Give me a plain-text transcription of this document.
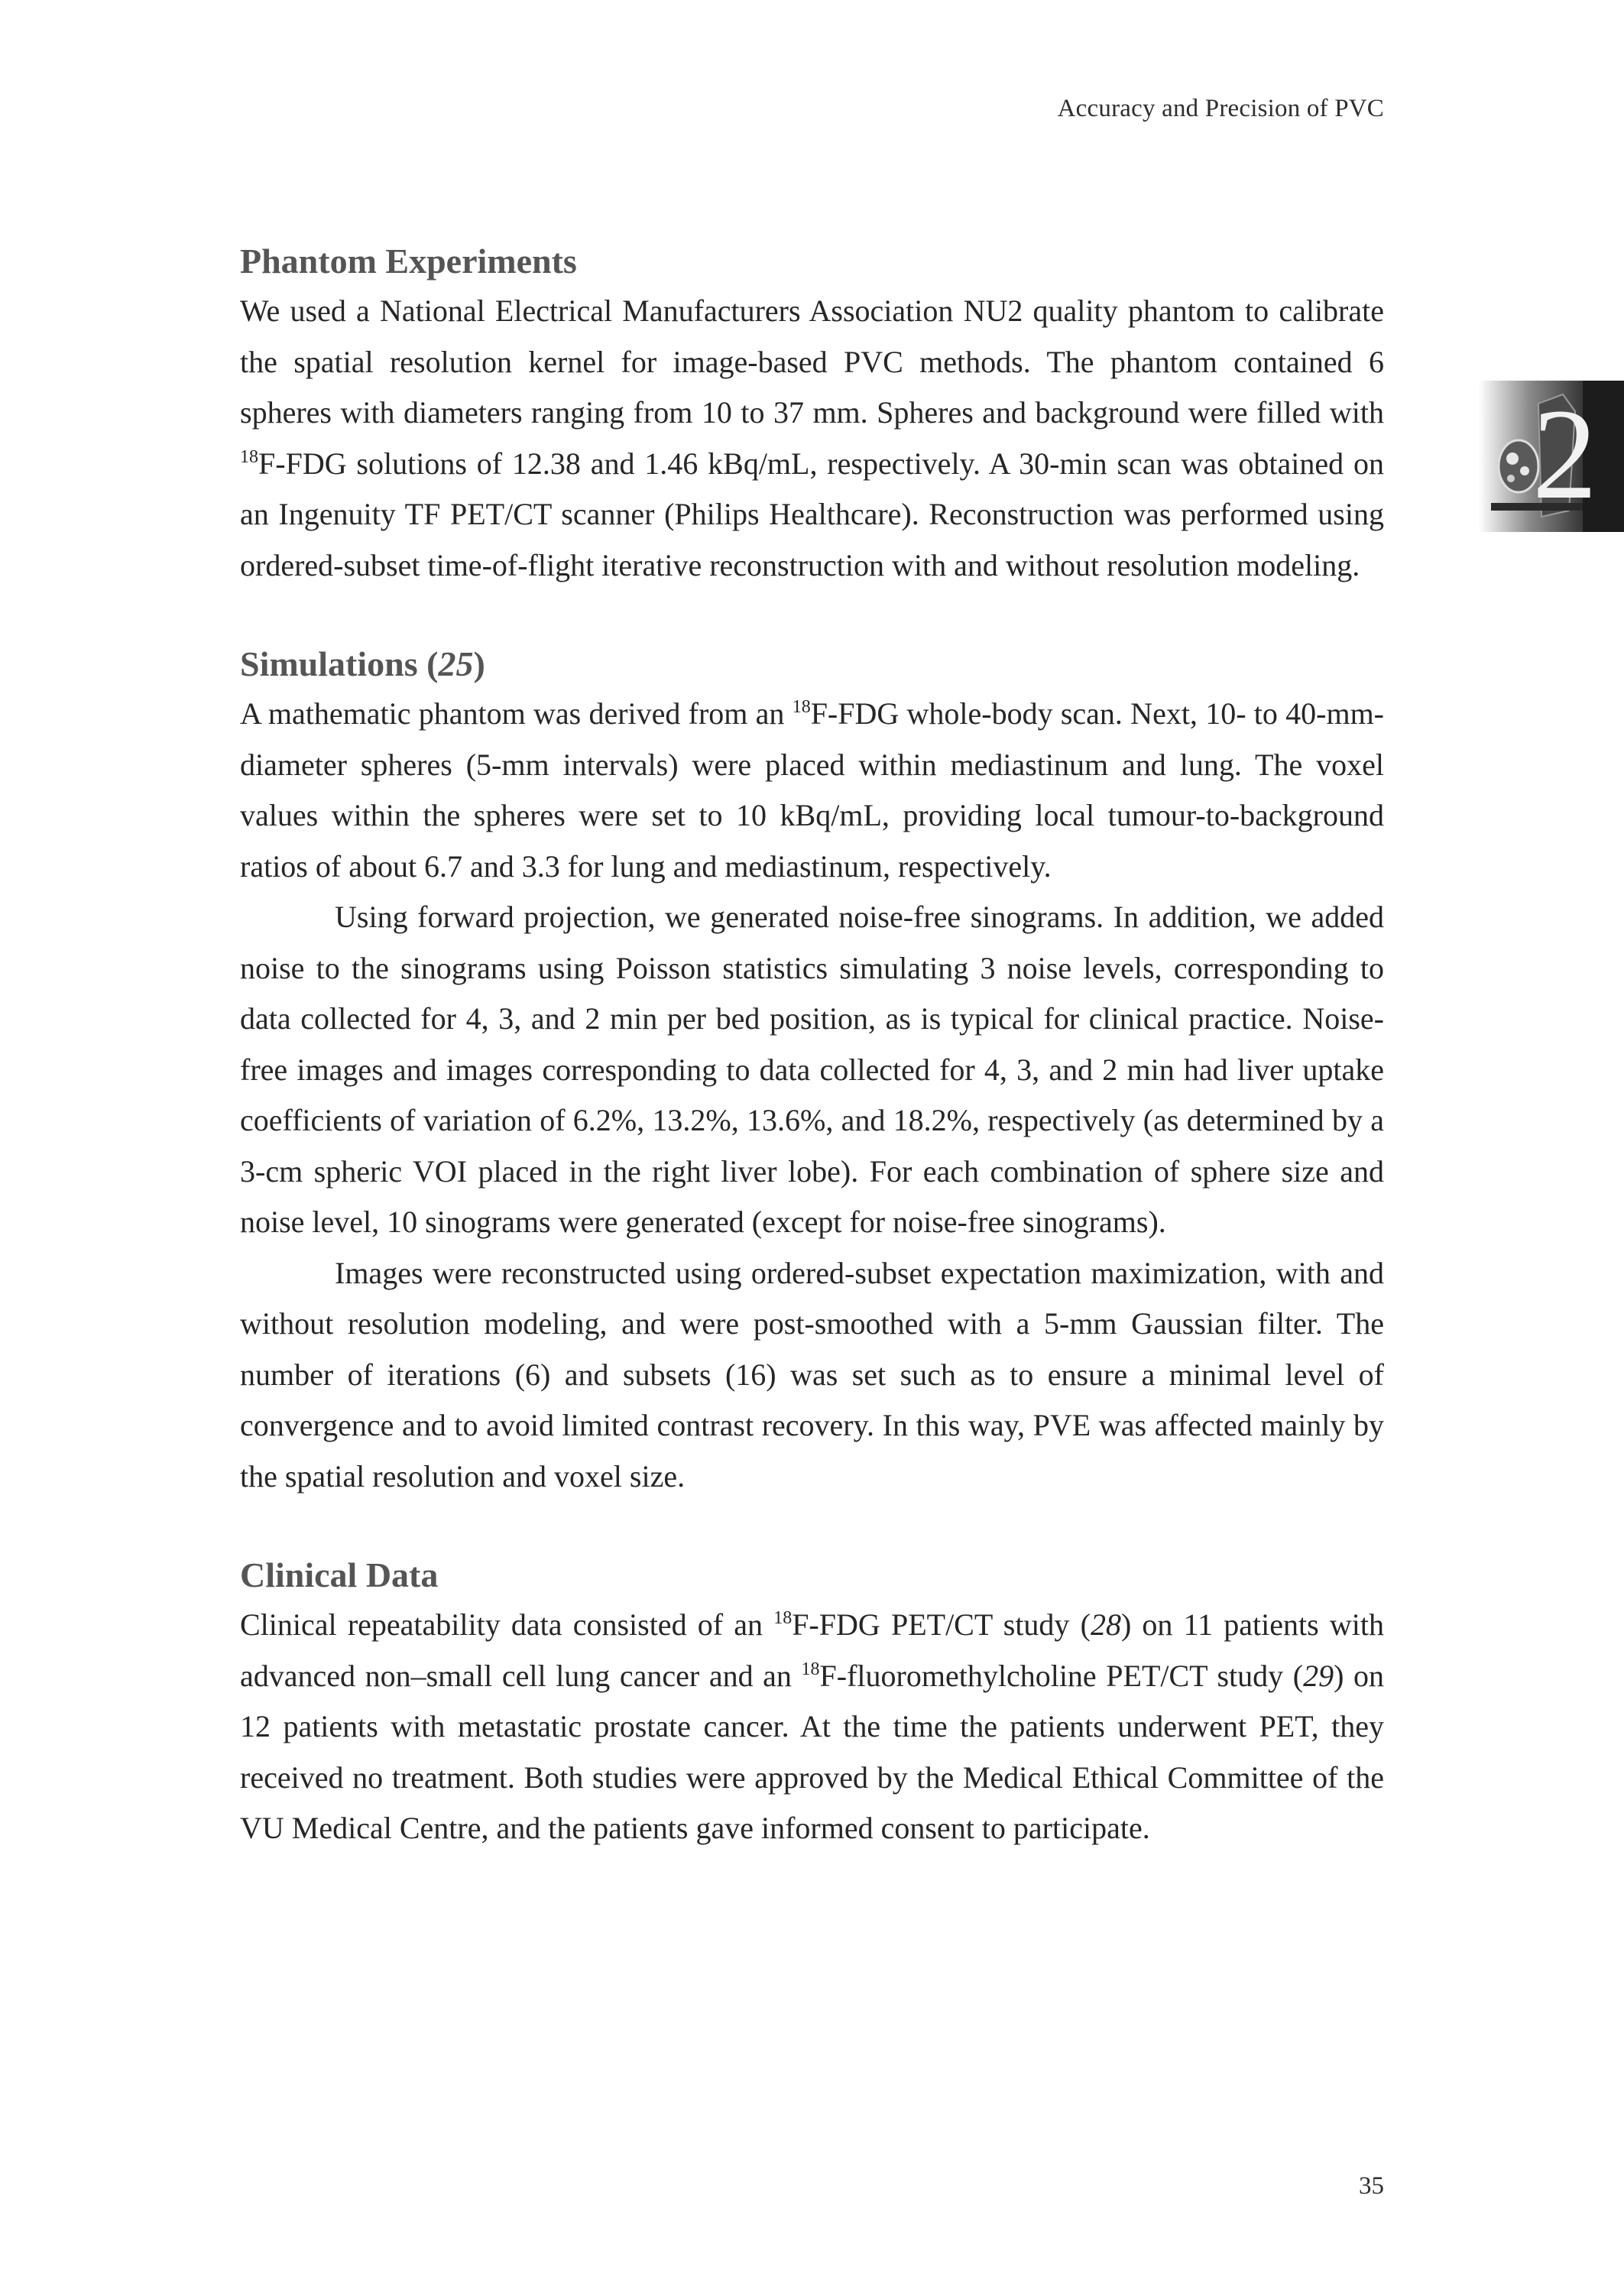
Accuracy and Precision of PVC
2
Phantom Experiments

We used a National Electrical Manufacturers Association NU2 quality phantom to calibrate the spatial resolution kernel for image-based PVC methods. The phantom contained 6 spheres with diameters ranging from 10 to 37 mm. Spheres and background were filled with $^{18}$F-FDG solutions of 12.38 and 1.46 kBq/mL, respectively. A 30-min scan was obtained on an Ingenuity TF PET/CT scanner (Philips Healthcare). Reconstruction was performed using ordered-subset time-of-flight iterative reconstruction with and without resolution modeling.

Simulations (25)

A mathematic phantom was derived from an $^{18}$F-FDG whole-body scan. Next, 10- to 40-mm-diameter spheres (5-mm intervals) were placed within mediastinum and lung. The voxel values within the spheres were set to 10 kBq/mL, providing local tumour-to-background ratios of about 6.7 and 3.3 for lung and mediastinum, respectively.

Using forward projection, we generated noise-free sinograms. In addition, we added noise to the sinograms using Poisson statistics simulating 3 noise levels, corresponding to data collected for 4, 3, and 2 min per bed position, as is typical for clinical practice. Noise-free images and images corresponding to data collected for 4, 3, and 2 min had liver uptake coefficients of variation of 6.2%, 13.2%, 13.6%, and 18.2%, respectively (as determined by a 3-cm spheric VOI placed in the right liver lobe). For each combination of sphere size and noise level, 10 sinograms were generated (except for noise-free sinograms).

Images were reconstructed using ordered-subset expectation maximization, with and without resolution modeling, and were post-smoothed with a 5-mm Gaussian filter. The number of iterations (6) and subsets (16) was set such as to ensure a minimal level of convergence and to avoid limited contrast recovery. In this way, PVE was affected mainly by the spatial resolution and voxel size.

Clinical Data

Clinical repeatability data consisted of an $^{18}$F-FDG PET/CT study (28) on 11 patients with advanced non–small cell lung cancer and an $^{18}$F-fluoromethylcholine PET/CT study (29) on 12 patients with metastatic prostate cancer. At the time the patients underwent PET, they received no treatment. Both studies were approved by the Medical Ethical Committee of the VU Medical Centre, and the patients gave informed consent to participate.

35
